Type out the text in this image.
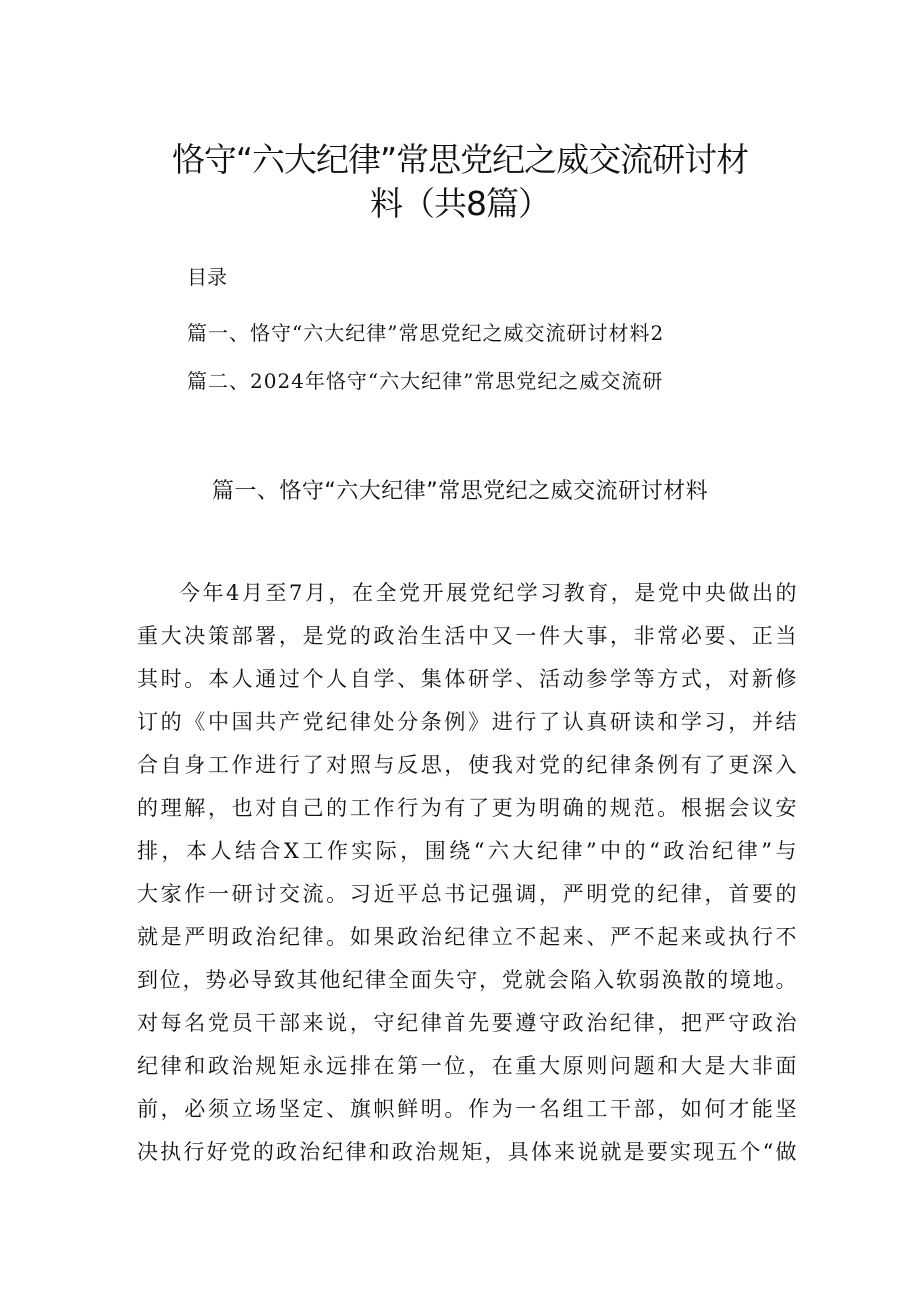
恪守“六大纪律”常思党纪之威交流研讨材
料（共8篇）
目录
篇一、恪守“六大纪律”常思党纪之威交流研讨材料2
篇二、2024年恪守“六大纪律”常思党纪之威交流研
篇一、恪守“六大纪律”常思党纪之威交流研讨材料
今年4月至7月，在全党开展党纪学习教育，是党中央做出的
重大决策部署，是党的政治生活中又一件大事，非常必要、正当
其时。本人通过个人自学、集体研学、活动参学等方式，对新修
订的《中国共产党纪律处分条例》进行了认真研读和学习，并结
合自身工作进行了对照与反思，使我对党的纪律条例有了更深入
的理解，也对自己的工作行为有了更为明确的规范。根据会议安
排，本人结合X工作实际，围绕“六大纪律”中的“政治纪律”与
大家作一研讨交流。习近平总书记强调，严明党的纪律，首要的
就是严明政治纪律。如果政治纪律立不起来、严不起来或执行不
到位，势必导致其他纪律全面失守，党就会陷入软弱涣散的境地。
对每名党员干部来说，守纪律首先要遵守政治纪律，把严守政治
纪律和政治规矩永远排在第一位，在重大原则问题和大是大非面
前，必须立场坚定、旗帜鲜明。作为一名组工干部，如何才能坚
决执行好党的政治纪律和政治规矩，具体来说就是要实现五个“做
